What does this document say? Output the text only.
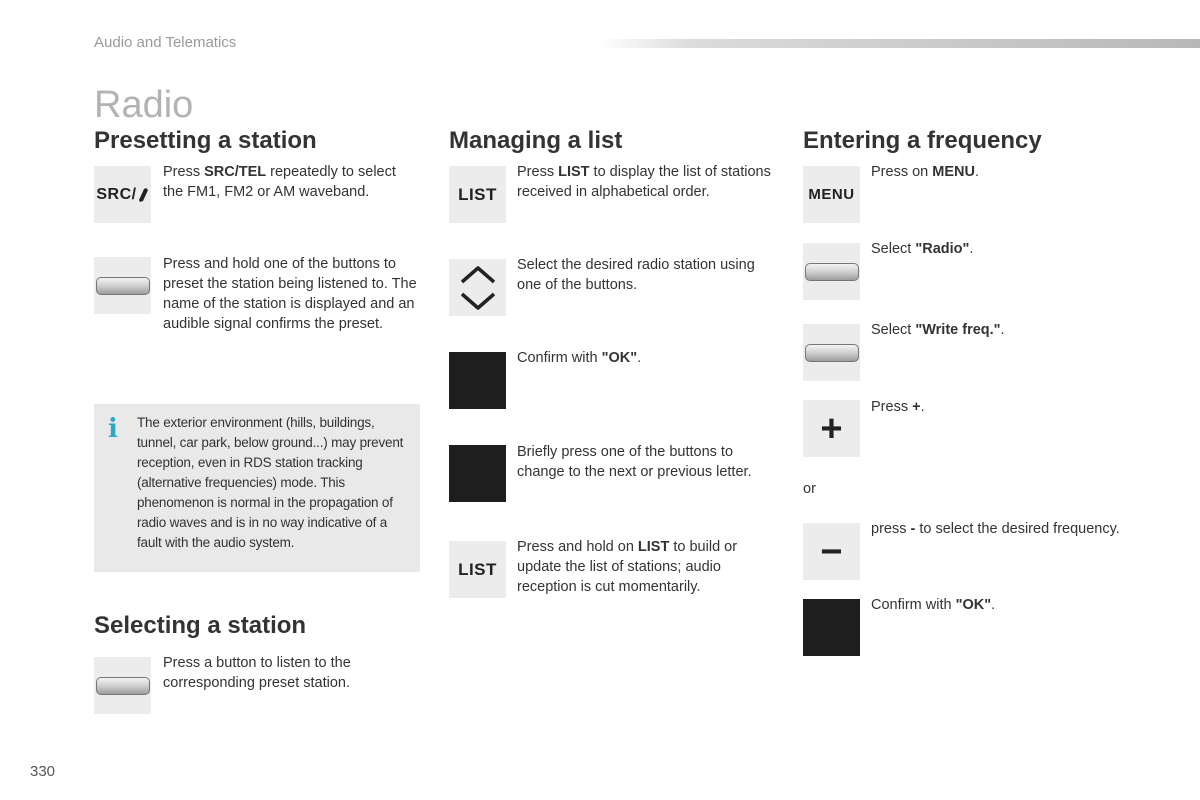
Audio and Telematics
Radio
Presetting a station
SRC/
Press SRC/TEL repeatedly to select the FM1, FM2 or AM waveband.
Press and hold one of the buttons to preset the station being listened to. The name of the station is displayed and an audible signal confirms the preset.
i The exterior environment (hills, buildings, tunnel, car park, below ground...) may prevent reception, even in RDS station tracking (alternative frequencies) mode. This phenomenon is normal in the propagation of radio waves and is in no way indicative of a fault with the audio system.
Selecting a station
Press a button to listen to the corresponding preset station.
Managing a list
LIST
Press LIST to display the list of stations received in alphabetical order.
Select the desired radio station using one of the buttons.
Confirm with "OK".
Briefly press one of the buttons to change to the next or previous letter.
LIST
Press and hold on LIST to build or update the list of stations; audio reception is cut momentarily.
Entering a frequency
MENU
Press on MENU.
Select "Radio".
Select "Write freq.".
+
Press +.
or
−
press - to select the desired frequency.
Confirm with "OK".
330
